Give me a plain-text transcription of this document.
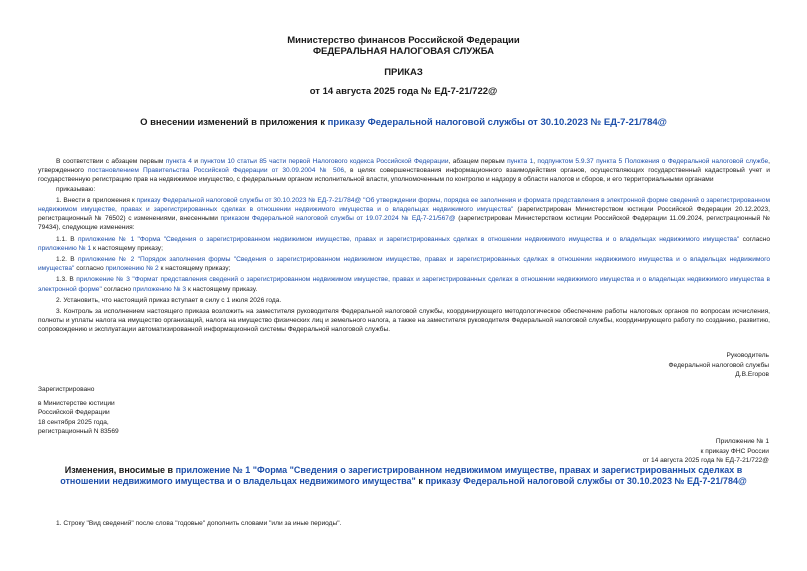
Министерство финансов Российской Федерации
ФЕДЕРАЛЬНАЯ НАЛОГОВАЯ СЛУЖБА
ПРИКАЗ
от 14 августа 2025 года № ЕД-7-21/722@
О внесении изменений в приложения к приказу Федеральной налоговой службы от 30.10.2023 № ЕД-7-21/784@

В соответствии с абзацем первым пункта 4 и пунктом 10 статьи 85 части первой Налогового кодекса Российской Федерации, абзацем первым пункта 1, подпунктом 5.9.37 пункта 5 Положения о Федеральной налоговой службе, утвержденного постановлением Правительства Российской Федерации от 30.09.2004 № 506, в целях совершенствования информационного взаимодействия органов, осуществляющих государственный кадастровый учет и государственную регистрацию прав на недвижимое имущество, с федеральным органом исполнительной власти, уполномоченным по контролю и надзору в области налогов и сборов, и его территориальными органами

приказываю:

1. Внести в приложения к приказу Федеральной налоговой службы от 30.10.2023 № ЕД-7-21/784@ "Об утверждении формы, порядка ее заполнения и формата представления в электронной форме сведений о зарегистрированном недвижимом имуществе, правах и зарегистрированных сделках в отношении недвижимого имущества и о владельцах недвижимого имущества" (зарегистрирован Министерством юстиции Российской Федерации 20.12.2023, регистрационный № 76502) с изменениями, внесенными приказом Федеральной налоговой службы от 19.07.2024 № ЕД-7-21/567@ (зарегистрирован Министерством юстиции Российской Федерации 11.09.2024, регистрационный № 79434), следующие изменения:

1.1. В приложение № 1 "Форма "Сведения о зарегистрированном недвижимом имуществе, правах и зарегистрированных сделках в отношении недвижимого имущества и о владельцах недвижимого имущества" согласно приложению № 1 к настоящему приказу;

1.2. В приложение № 2 "Порядок заполнения формы "Сведения о зарегистрированном недвижимом имуществе, правах и зарегистрированных сделках в отношении недвижимого имущества и о владельцах недвижимого имущества" согласно приложению № 2 к настоящему приказу;

1.3. В приложение № 3 "Формат представления сведений о зарегистрированном недвижимом имуществе, правах и зарегистрированных сделках в отношении недвижимого имущества и о владельцах недвижимого имущества в электронной форме" согласно приложению № 3 к настоящему приказу.

2. Установить, что настоящий приказ вступает в силу с 1 июля 2026 года.

3. Контроль за исполнением настоящего приказа возложить на заместителя руководителя Федеральной налоговой службы, координирующего методологическое обеспечение работы налоговых органов по вопросам исчисления, полноты и уплаты налога на имущество организаций, налога на имущество физических лиц и земельного налога, а также на заместителя руководителя Федеральной налоговой службы, координирующего работу по созданию, развитию, сопровождению и эксплуатации автоматизированной информационной системы Федеральной налоговой службы.

Руководитель
Федеральной налоговой службы
Д.В.Егоров
Зарегистрировано
в Министерстве юстиции
Российской Федерации
18 сентября 2025 года,
регистрационный N 83569
Приложение № 1
к приказу ФНС России
от 14 августа 2025 года № ЕД-7-21/722@
Изменения, вносимые в приложение № 1 "Форма "Сведения о зарегистрированном недвижимом имуществе, правах и зарегистрированных сделках в отношении недвижимого имущества и о владельцах недвижимого имущества" к приказу Федеральной налоговой службы от 30.10.2023 № ЕД-7-21/784@
1. Строку "Вид сведений" после слова "годовые" дополнить словами "или за иные периоды".
